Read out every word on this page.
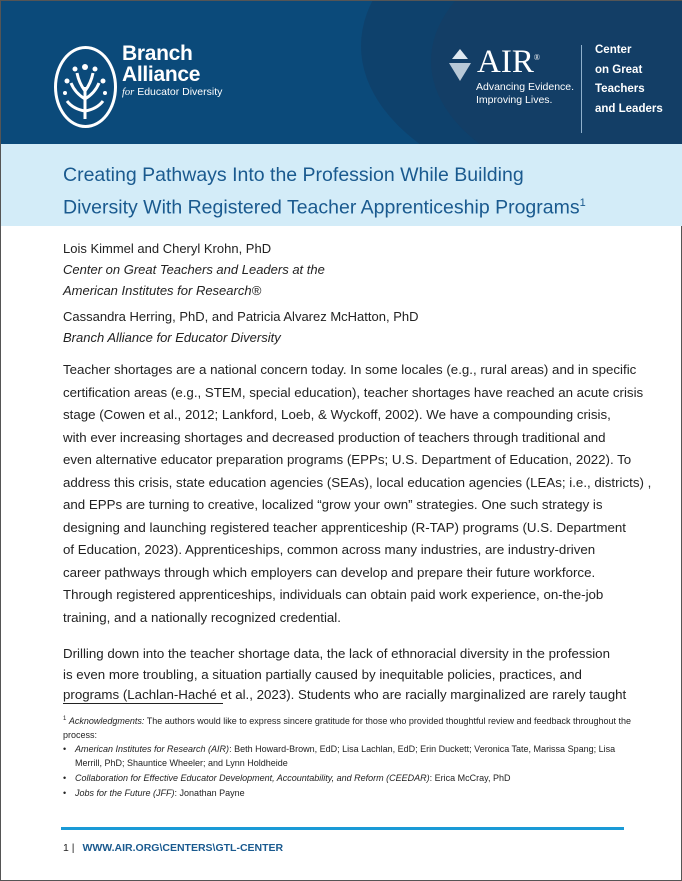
Branch
Alliance
for Educator Diversity
AIR®
Advancing Evidence.
Improving Lives.
Center
on Great
Teachers
and Leaders
Creating Pathways Into the Profession While Building
Diversity With Registered Teacher Apprenticeship Programs$^1$
Lois Kimmel and Cheryl Krohn, PhD
Center on Great Teachers and Leaders at the
American Institutes for Research®
Cassandra Herring, PhD, and Patricia Alvarez McHatton, PhD
Branch Alliance for Educator Diversity

Teacher shortages are a national concern today. In some locales (e.g., rural areas) and in specific
certification areas (e.g., STEM, special education), teacher shortages have reached an acute crisis
stage (Cowen et al., 2012; Lankford, Loeb, & Wyckoff, 2002). We have a compounding crisis,
with ever increasing shortages and decreased production of teachers through traditional and
even alternative educator preparation programs (EPPs; U.S. Department of Education, 2022). To
address this crisis, state education agencies (SEAs), local education agencies (LEAs; i.e., districts) ,
and EPPs are turning to creative, localized “grow your own” strategies. One such strategy is
designing and launching registered teacher apprenticeship (R-TAP) programs (U.S. Department
of Education, 2023). Apprenticeships, common across many industries, are industry-driven
career pathways through which employers can develop and prepare their future workforce.
Through registered apprenticeships, individuals can obtain paid work experience, on-the-job
training, and a nationally recognized credential.

Drilling down into the teacher shortage data, the lack of ethnoracial diversity in the profession
is even more troubling, a situation partially caused by inequitable policies, practices, and
programs (Lachlan-Haché et al., 2023). Students who are racially marginalized are rarely taught

$^1$ Acknowledgments: The authors would like to express sincere gratitude for those who provided thoughtful review and feedback throughout the process:
• American Institutes for Research (AIR): Beth Howard-Brown, EdD; Lisa Lachlan, EdD; Erin Duckett; Veronica Tate, Marissa Spang; Lisa Merrill, PhD; Shauntice Wheeler; and Lynn Holdheide
• Collaboration for Effective Educator Development, Accountability, and Reform (CEEDAR): Erica McCray, PhD
• Jobs for the Future (JFF): Jonathan Payne
1 | WWW.AIR.ORG\CENTERS\GTL-CENTER
